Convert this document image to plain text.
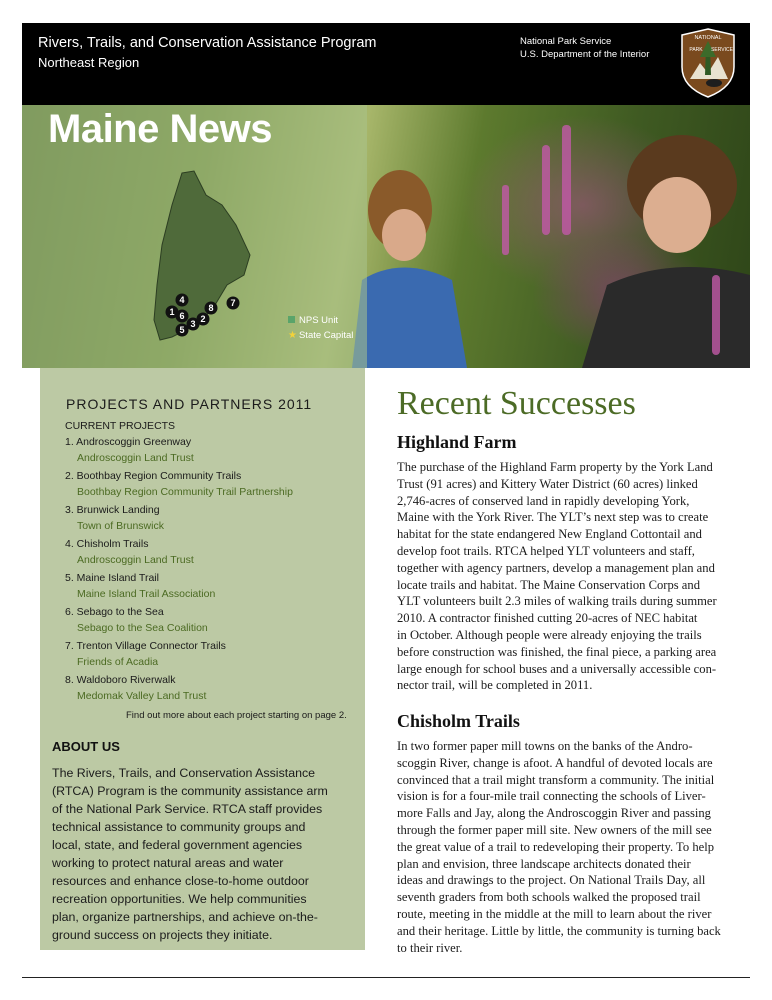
Rivers, Trails, and Conservation Assistance Program
Northeast Region
National Park Service
U.S. Department of the Interior
NATIONAL
PARK SERVICE
Maine News
4
1 6
3 2
8 7
5
NPS Unit
★ State Capital
PROJECTS AND PARTNERS 2011
CURRENT PROJECTS
1. Androscoggin Greenway
Androscoggin Land Trust
2. Boothbay Region Community Trails
Boothbay Region Community Trail Partnership
3. Brunwick Landing
Town of Brunswick
4. Chisholm Trails
Androscoggin Land Trust
5. Maine Island Trail
Maine Island Trail Association
6. Sebago to the Sea
Sebago to the Sea Coalition
7. Trenton Village Connector Trails
Friends of Acadia
8. Waldoboro Riverwalk
Medomak Valley Land Trust
Find out more about each project starting on page 2.
ABOUT US
The Rivers, Trails, and Conservation Assistance
(RTCA) Program is the community assistance arm
of the National Park Service. RTCA staff provides
technical assistance to community groups and
local, state, and federal government agencies
working to protect natural areas and water
resources and enhance close-to-home outdoor
recreation opportunities. We help communities
plan, organize partnerships, and achieve on-the-
ground success on projects they initiate.
Recent Successes
Highland Farm
The purchase of the Highland Farm property by the York Land
Trust (91 acres) and Kittery Water District (60 acres) linked
2,746-acres of conserved land in rapidly developing York,
Maine with the York River. The YLT’s next step was to create
habitat for the state endangered New England Cottontail and
develop foot trails. RTCA helped YLT volunteers and staff,
together with agency partners, develop a management plan and
locate trails and habitat. The Maine Conservation Corps and
YLT volunteers built 2.3 miles of walking trails during summer
2010. A contractor finished cutting 20-acres of NEC habitat
in October. Although people were already enjoying the trails
before construction was finished, the final piece, a parking area
large enough for school buses and a universally accessible con-
nector trail, will be completed in 2011.
Chisholm Trails
In two former paper mill towns on the banks of the Andro-
scoggin River, change is afoot. A handful of devoted locals are
convinced that a trail might transform a community. The initial
vision is for a four-mile trail connecting the schools of Liver-
more Falls and Jay, along the Androscoggin River and passing
through the former paper mill site. New owners of the mill see
the great value of a trail to redeveloping their property. To help
plan and envision, three landscape architects donated their
ideas and drawings to the project. On National Trails Day, all
seventh graders from both schools walked the proposed trail
route, meeting in the middle at the mill to learn about the river
and their heritage. Little by little, the community is turning back
to their river.
